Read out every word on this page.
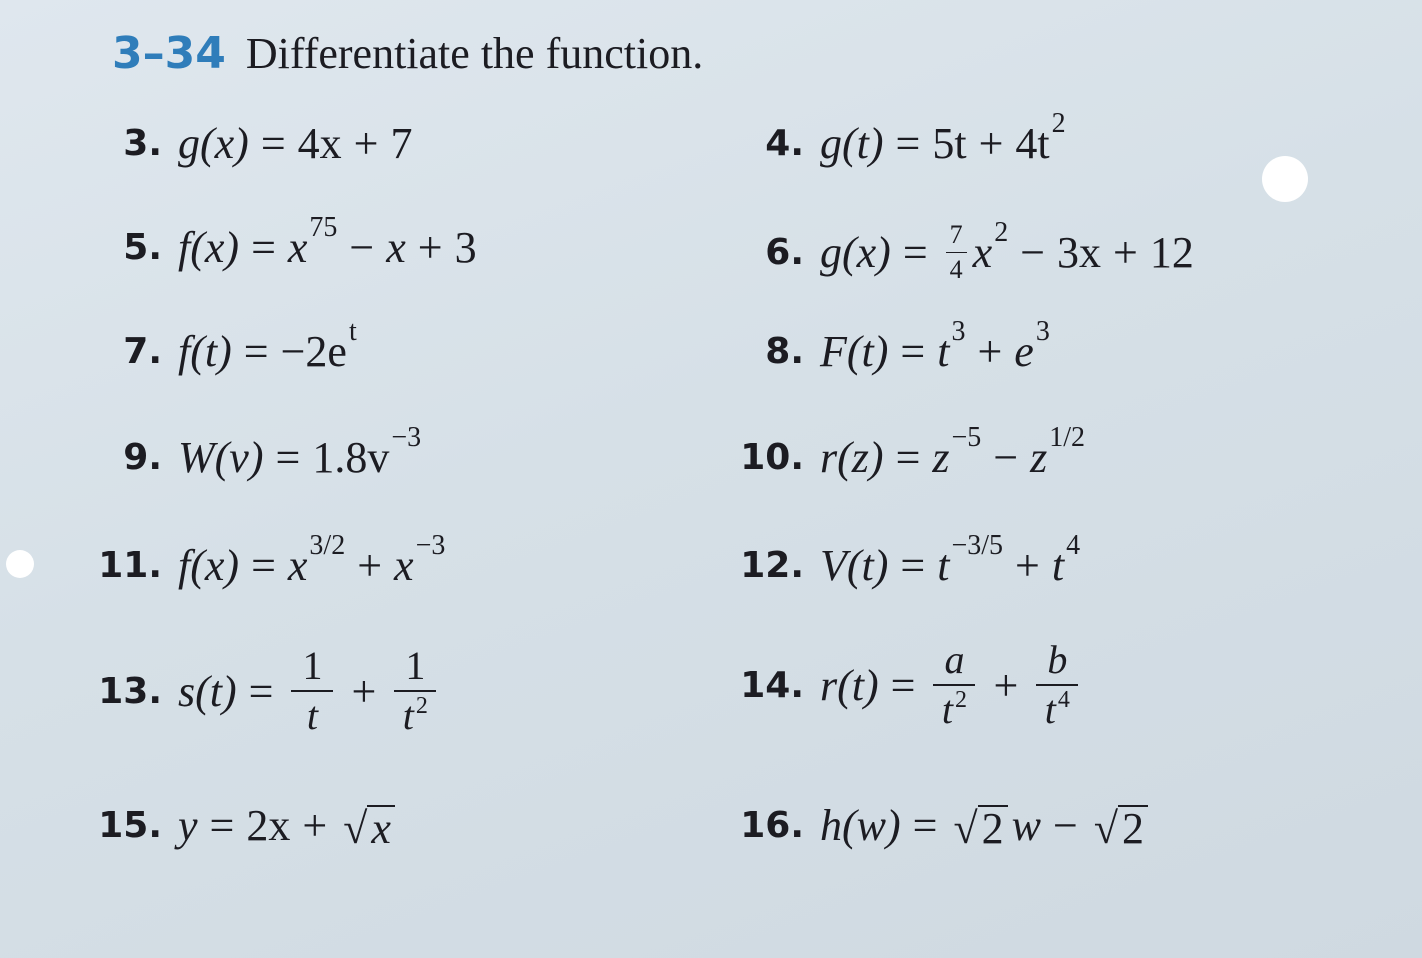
3–34 Differentiate the function.
3. g(x) = 4x + 7	4. g(t) = 5t + 4t 2
5. f(x) = x 75 − x + 3	6. $g(x) = \frac{7}{4}$ x 2 − 3x + 12
7. f(t) = −2e t	8. F(t) = t 3 + e 3
9. W(v) = 1.8v −3	10. r(z) = z −5 − z 1/2
11. f(x) = x 3/2 + x −3	12. V(t) = t −3/5 + t 4
13. $s(t) = \frac{1}{t} + \frac{1}{t^2}$	14. $r(t) = \frac{a}{t^2} + \frac{b}{t^4}$
15. y = 2x + √ x	16. h(w) = √ 2 w − √ 2
